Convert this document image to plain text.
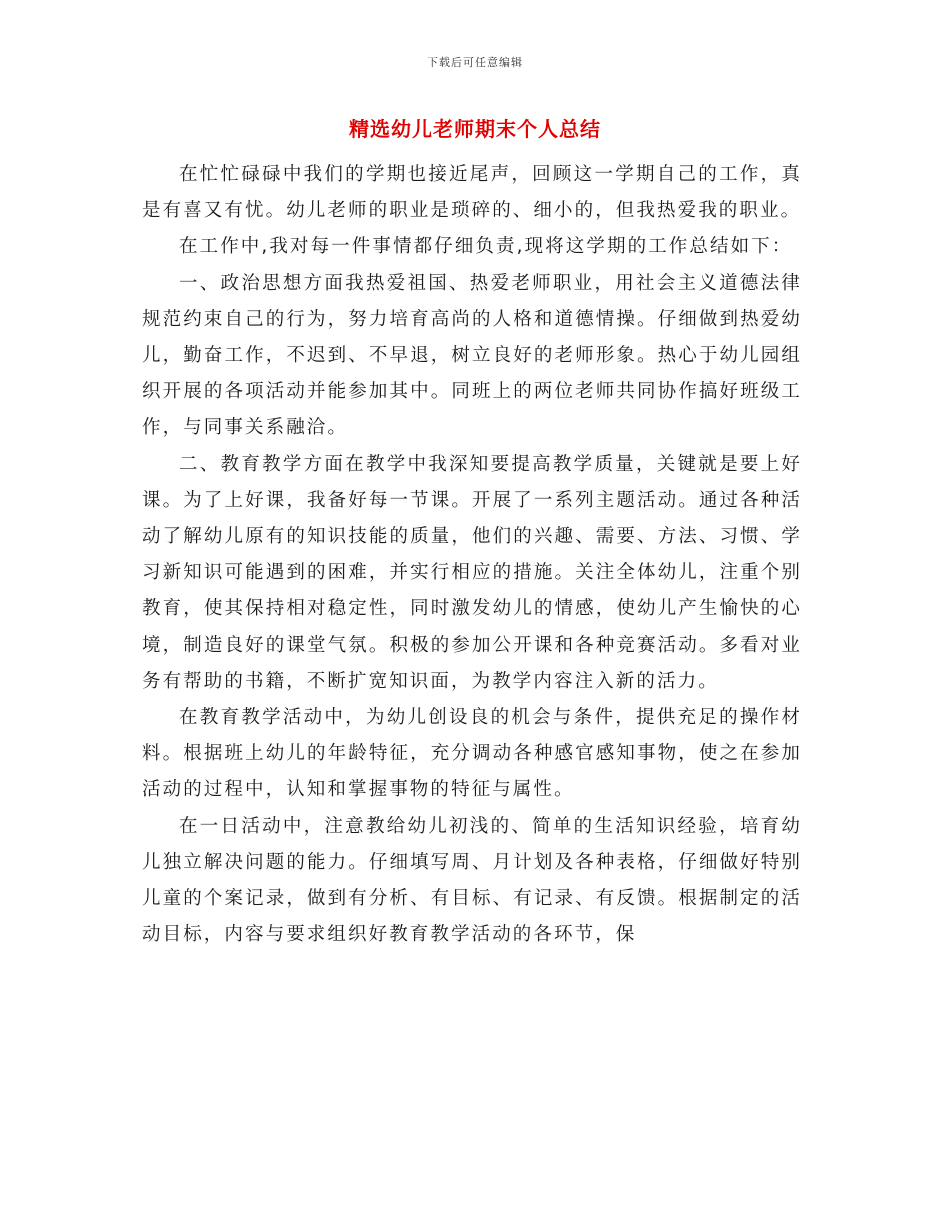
下载后可任意编辑
精选幼儿老师期末个人总结

在忙忙碌碌中我们的学期也接近尾声，回顾这一学期自己的工作，真是有喜又有忧。幼儿老师的职业是琐碎的、细小的，但我热爱我的职业。

在工作中,我对每一件事情都仔细负责,现将这学期的工作总结如下：

一、政治思想方面我热爱祖国、热爱老师职业，用社会主义道德法律规范约束自己的行为，努力培育高尚的人格和道德情操。仔细做到热爱幼儿，勤奋工作，不迟到、不早退，树立良好的老师形象。热心于幼儿园组织开展的各项活动并能参加其中。同班上的两位老师共同协作搞好班级工作，与同事关系融洽。

二、教育教学方面在教学中我深知要提高教学质量，关键就是要上好课。为了上好课，我备好每一节课。开展了一系列主题活动。通过各种活动了解幼儿原有的知识技能的质量，他们的兴趣、需要、方法、习惯、学习新知识可能遇到的困难，并实行相应的措施。关注全体幼儿，注重个别教育，使其保持相对稳定性，同时激发幼儿的情感，使幼儿产生愉快的心境，制造良好的课堂气氛。积极的参加公开课和各种竞赛活动。多看对业务有帮助的书籍，不断扩宽知识面，为教学内容注入新的活力。

在教育教学活动中，为幼儿创设良的机会与条件，提供充足的操作材料。根据班上幼儿的年龄特征，充分调动各种感官感知事物，使之在参加活动的过程中，认知和掌握事物的特征与属性。

在一日活动中，注意教给幼儿初浅的、简单的生活知识经验，培育幼儿独立解决问题的能力。仔细填写周、月计划及各种表格，仔细做好特别儿童的个案记录，做到有分析、有目标、有记录、有反馈。根据制定的活动目标，内容与要求组织好教育教学活动的各环节，保
